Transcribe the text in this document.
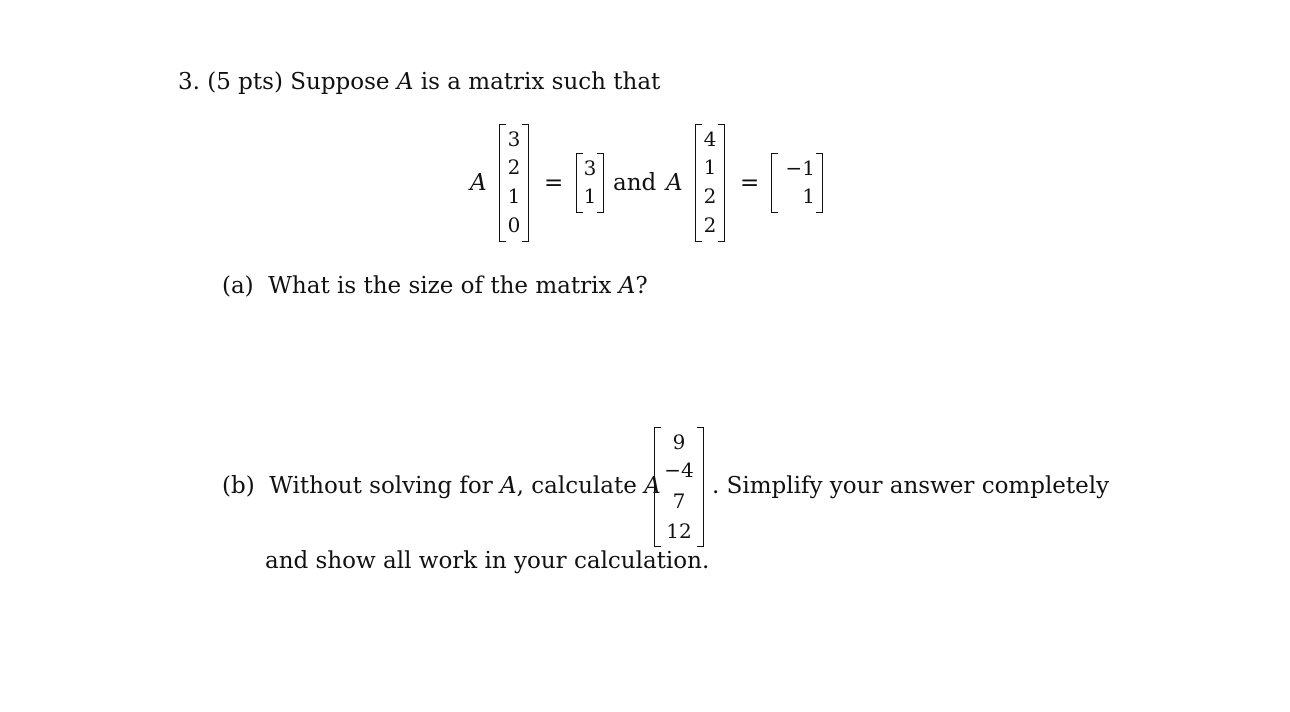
3. (5 pts) Suppose A is a matrix such that
A
3
2
1
0
=
3
1 and A
4
1
2
2
=
−1
1
(a) What is the size of the matrix A?
(b) Without solving for A, calculate A
9
−4
7
12
. Simplify your answer completely
and show all work in your calculation.
